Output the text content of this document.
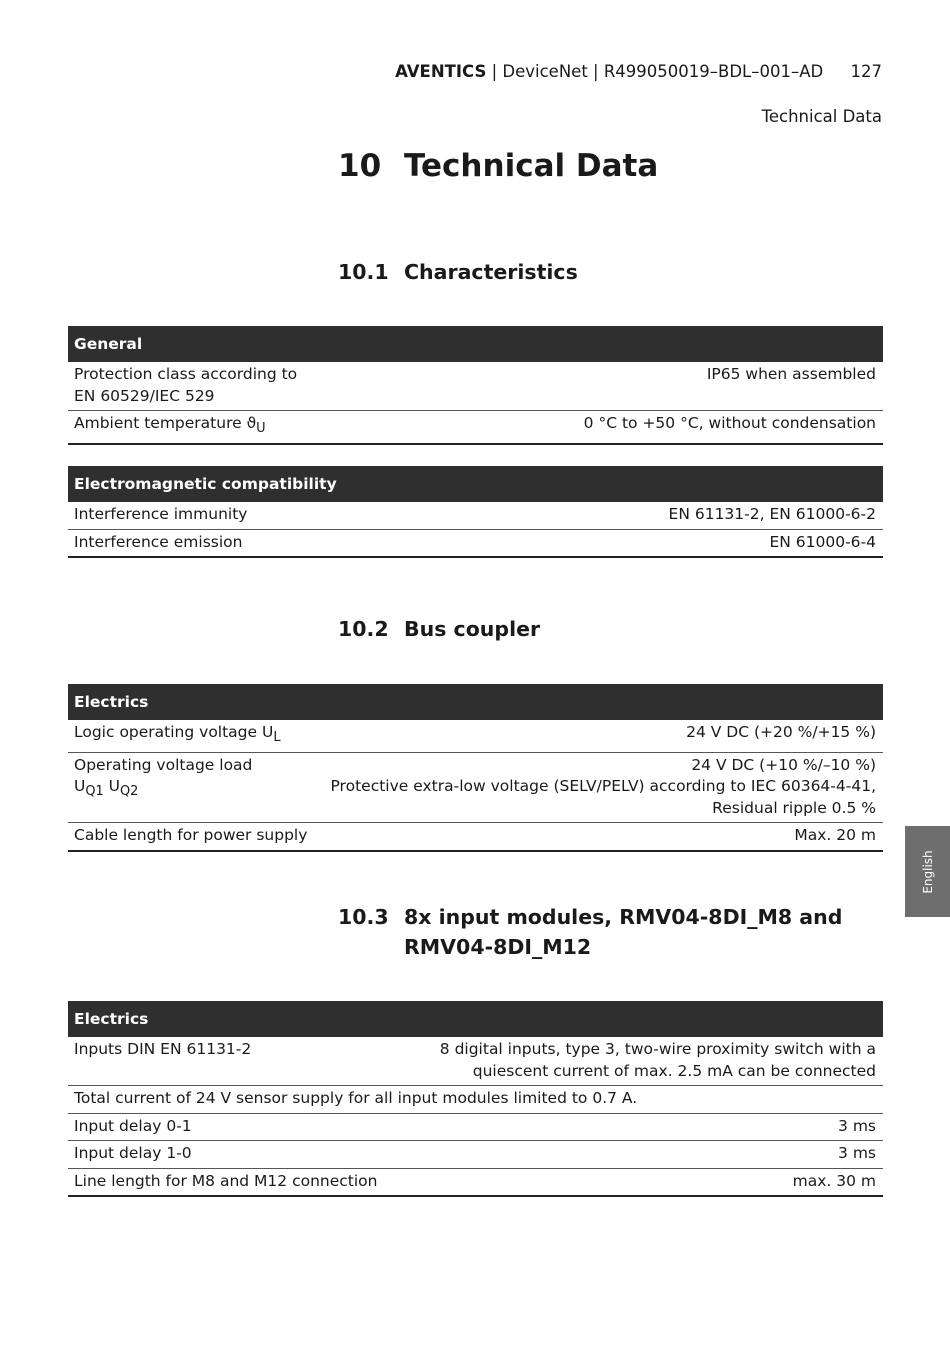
AVENTICS | DeviceNet | R499050019–BDL–001–AD 127
Technical Data
10 Technical Data
10.1 Characteristics
General	
Protection class according to
EN 60529/IEC 529	IP65 when assembled
Ambient temperature $ϑ_U$	0 °C to +50 °C, without condensation
Electromagnetic compatibility	
Interference immunity	EN 61131-2, EN 61000-6-2
Interference emission	EN 61000-6-4
10.2 Bus coupler
Electrics	
Logic operating voltage $U_L$	24 V DC (+20 %/+15 %)
Operating voltage load
$U_{Q1}$ $U_{Q2}$	24 V DC (+10 %/–10 %)
Protective extra-low voltage (SELV/PELV) according to IEC 60364-4-41,
Residual ripple 0.5 %
Cable length for power supply	Max. 20 m
10.3 8x input modules, RMV04-8DI_M8 and
RMV04-8DI_M12
Electrics	
Inputs DIN EN 61131-2	8 digital inputs, type 3, two-wire proximity switch with a
quiescent current of max. 2.5 mA can be connected
Total current of 24 V sensor supply for all input modules limited to 0.7 A.	
Input delay 0-1	3 ms
Input delay 1-0	3 ms
Line length for M8 and M12 connection	max. 30 m
English
